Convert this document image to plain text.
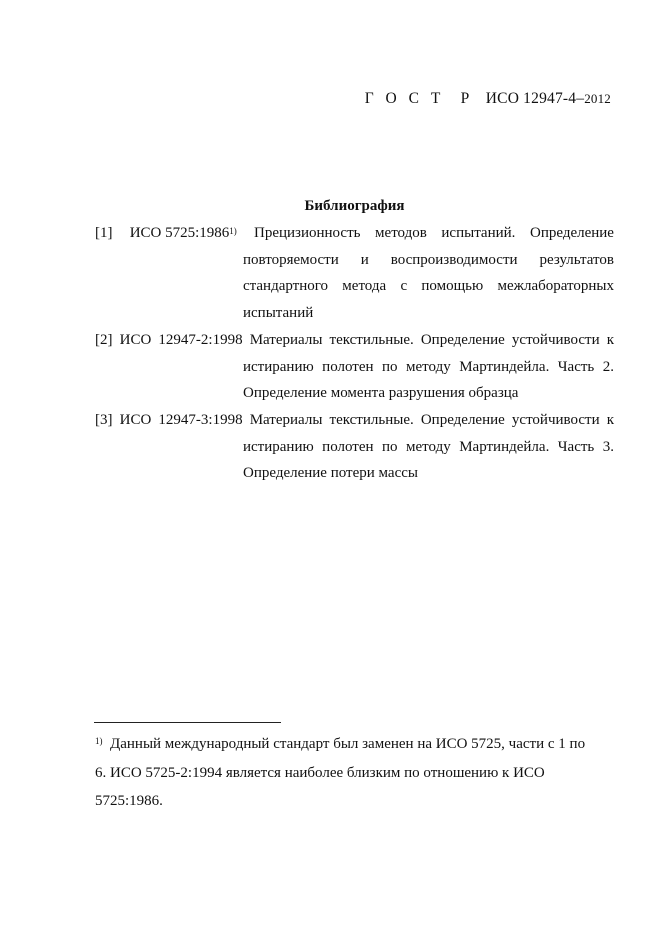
Г О С Т Р ИСО 12947-4–2012
Библиография
[1] ИСО 5725:1986$^{1)}$ Прецизионность методов испытаний. Определение
повторяемости и воспроизводимости результатов
стандартного метода с помощью межлабораторных
испытаний
[2] ИСО 12947-2:1998 Материалы текстильные. Определение устойчивости к
истиранию полотен по методу Мартиндейла. Часть 2.
Определение момента разрушения образца
[3] ИСО 12947-3:1998 Материалы текстильные. Определение устойчивости к
истиранию полотен по методу Мартиндейла. Часть 3.
Определение потери массы
$^{1)}$ Данный международный стандарт был заменен на ИСО 5725, части с 1 по
6. ИСО 5725-2:1994 является наиболее близким по отношению к ИСО
5725:1986.
